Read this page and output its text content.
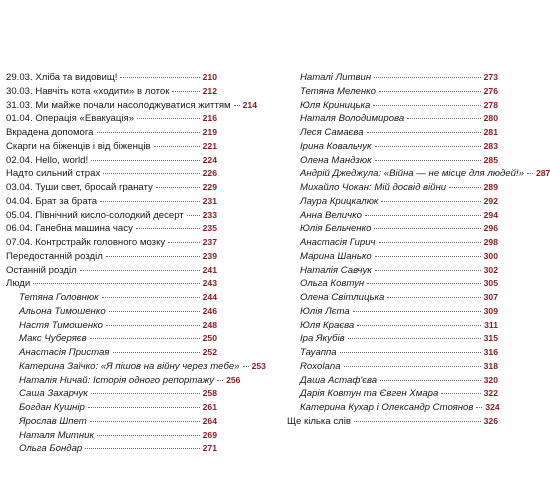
29.03. Хліба та видовищ!	210
30.03. Навчіть кота «ходити» в лоток	212
31.03. Ми майже почали насолоджуватися життям 214
01.04. Операція «Евакуація»	216
Вкрадена допомога	219
Скарги на біженців і від біженців	221
02.04. Hello, world!	224
Надто сильний страх	226
03.04. Туши свет, бросай гранату	229
04.04. Брат за брата	231
05.04. Північний кисло-солодкий десерт 233
06.04. Ганебна машина часу	235
07.04. Контрстрайк головного мозку	237
Передостанній розділ	239
Останній розділ	241
Люди	243
Тетяна Головнюк	244
Альона Тимошенко	246
Настя Тимошенко	248
Макс Чуберяєв	250
Анастасія Пристая	252
Катерина Заїчко: «Я пішов на війну через тебе» 253
Наталія Ничай: Історія одного репортажу 256
Саша Захарчук	258
Богдан Кушнір	261
Ярослав Шпет	264
Наталя Митник	269
Ольга Бондар	271
Наталі Литвин	273
Тетяна Меленко	276
Юля Криницька	278
Наталя Володимирова	280
Леся Самаєва	281
Ірина Ковальчук	283
Олена Мандзюк	285
Андрій Джеджула: «Війна — не місце для людей!» 287
Михайло Чокан: Мій досвід війни	289
Лаура Крицкалюк	292
Анна Величко	294
Юлія Бельченко	296
Анастасія Гирич	298
Марина Шанько	300
Наталія Савчук	302
Ольга Ковтун	305
Олена Світлицька	307
Юлія Лєта	309
Юля Краєва	311
Іра Якубів	315
Тауаппа	316
Roxolana	318
Даша Астаф'єва	320
Дарія Ковтун та Євген Хмара	322
Катерина Кухар і Олександр Стоянов 324
Ще кілька слів	326
